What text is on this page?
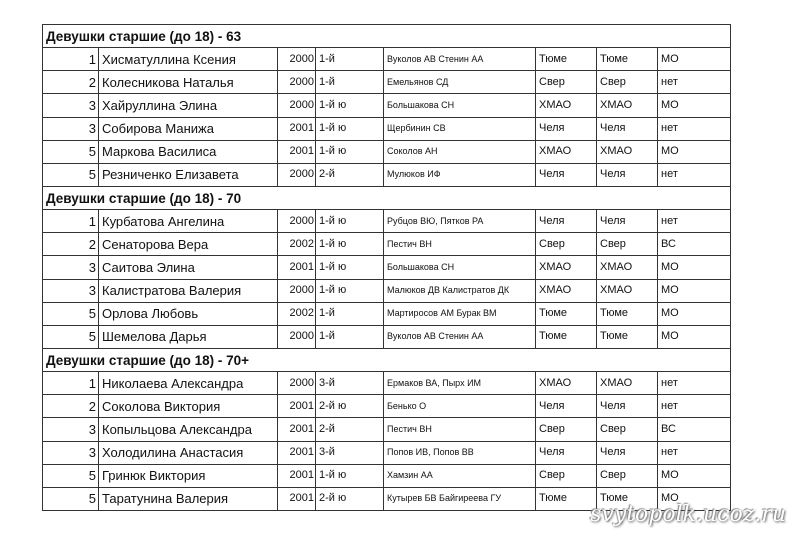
Девушки старшие (до 18) - 63							
1	Хисматуллина Ксения	2000	1-й	Вуколов АВ Стенин АА	Тюме	Тюме	МО
2	Колесникова Наталья	2000	1-й	Емельянов СД	Свер	Свер	нет
3	Хайруллина Элина	2000	1-й ю	Большакова СН	ХМАО	ХМАО	МО
3	Собирова Манижа	2001	1-й ю	Щербинин СВ	Челя	Челя	нет
5	Маркова Василиса	2001	1-й ю	Соколов АН	ХМАО	ХМАО	МО
5	Резниченко Елизавета	2000	2-й	Мулюков ИФ	Челя	Челя	нет
Девушки старшие (до 18) - 70							
1	Курбатова Ангелина	2000	1-й ю	Рубцов ВЮ, Пятков РА	Челя	Челя	нет
2	Сенаторова Вера	2002	1-й ю	Пестич ВН	Свер	Свер	ВС
3	Саитова Элина	2001	1-й ю	Большакова СН	ХМАО	ХМАО	МО
3	Калистратова Валерия	2000	1-й ю	Малюков ДВ Калистратов ДК	ХМАО	ХМАО	МО
5	Орлова Любовь	2002	1-й	Мартиросов АМ Бурак ВМ	Тюме	Тюме	МО
5	Шемелова Дарья	2000	1-й	Вуколов АВ Стенин АА	Тюме	Тюме	МО
Девушки старшие (до 18) - 70+							
1	Николаева Александра	2000	3-й	Ермаков ВА, Пырх ИМ	ХМАО	ХМАО	нет
2	Соколова Виктория	2001	2-й ю	Бенько О	Челя	Челя	нет
3	Копыльцова Александра	2001	2-й	Пестич ВН	Свер	Свер	ВС
3	Холодилина Анастасия	2001	3-й	Попов ИВ, Попов ВВ	Челя	Челя	нет
5	Гринюк Виктория	2001	1-й ю	Хамзин АА	Свер	Свер	МО
5	Таратунина Валерия	2001	2-й ю	Кутырев БВ Байгиреева ГУ	Тюме	Тюме	МО
svytopolk.ucoz.ru
